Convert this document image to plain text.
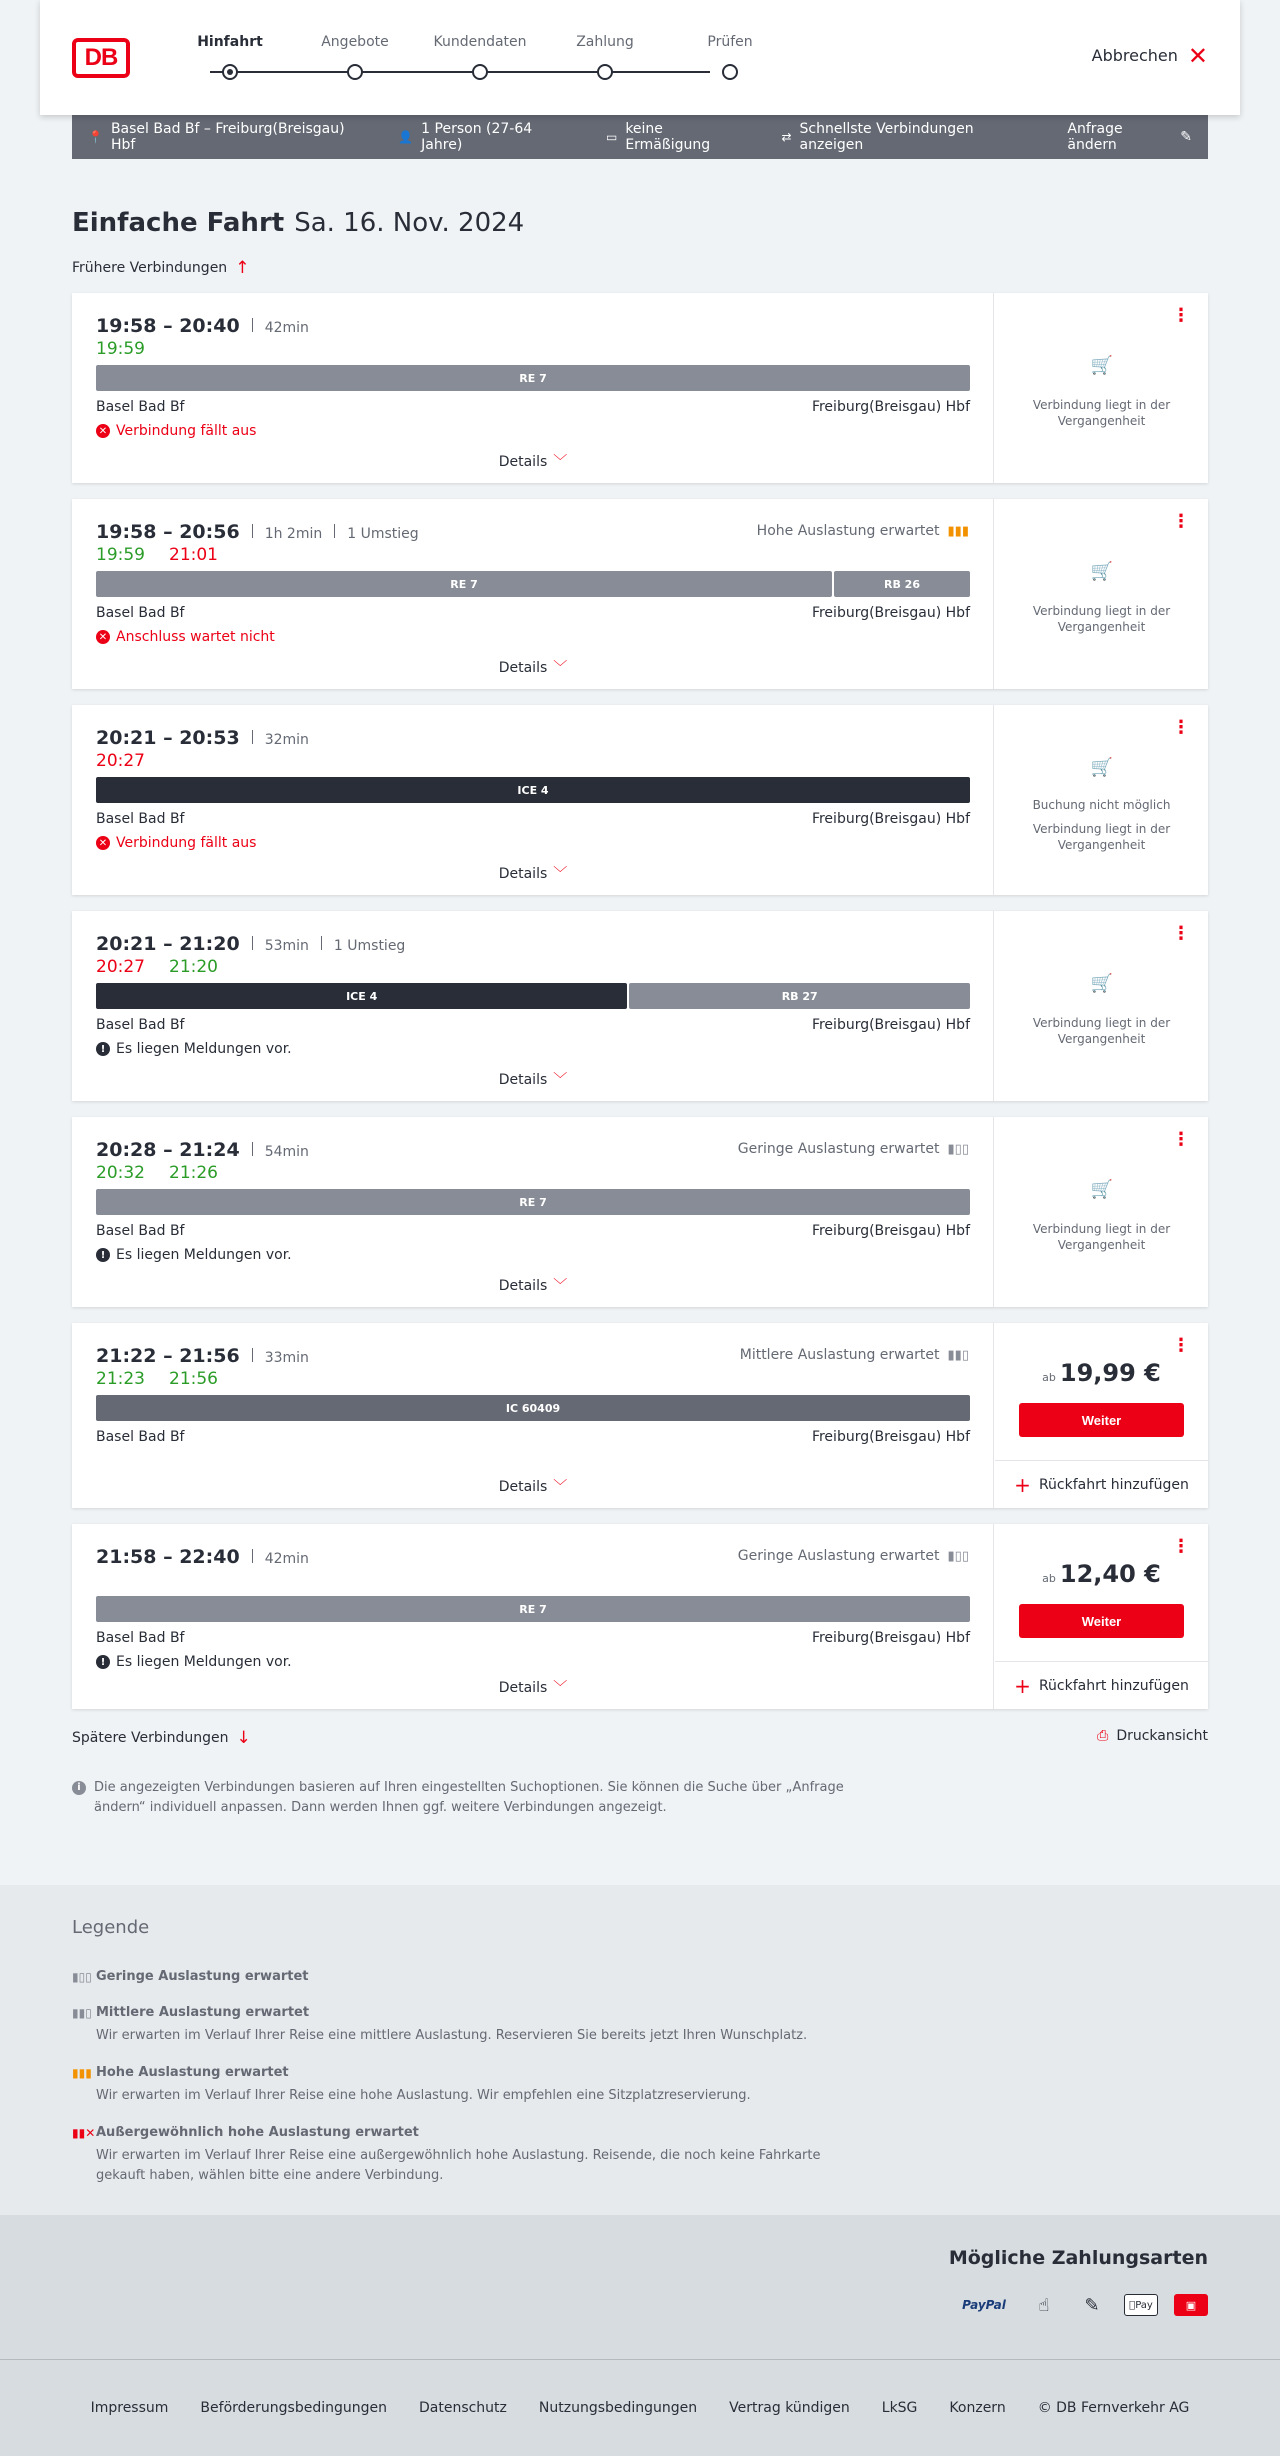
DB
Hinfahrt	Angebote	Kundendaten	Zahlung	Prüfen
Abbrechen ✕
📍 Basel Bad Bf – Freiburg(Breisgau) Hbf	👤 1 Person (27-64 Jahre)	▭ keine Ermäßigung	⇄ Schnellste Verbindungen anzeigen
Anfrage ändern	✎
Einfache Fahrt Sa. 16. Nov. 2024
Frühere Verbindungen ↑
19:58 – 20:40	42min
19:59
RE 7
Basel Bad Bf	Freiburg(Breisgau) Hbf
✕ Verbindung fällt aus
Details ﹀
⋮
🛒
Verbindung liegt in der Vergangenheit
19:58 – 20:56	1h 2min	1 Umstieg
19:59 21:01
Hohe Auslastung erwartet ▮▮▮
RE 7	RB 26
Basel Bad Bf	Freiburg(Breisgau) Hbf
✕ Anschluss wartet nicht
Details ﹀
⋮
🛒
Verbindung liegt in der Vergangenheit
20:21 – 20:53	32min
20:27
ICE 4
Basel Bad Bf	Freiburg(Breisgau) Hbf
✕ Verbindung fällt aus
Details ﹀
⋮
🛒
Buchung nicht möglich
Verbindung liegt in der Vergangenheit
20:21 – 21:20	53min	1 Umstieg
20:27 21:20
ICE 4	RB 27
Basel Bad Bf	Freiburg(Breisgau) Hbf
! Es liegen Meldungen vor.
Details ﹀
⋮
🛒
Verbindung liegt in der Vergangenheit
20:28 – 21:24	54min
20:32 21:26
Geringe Auslastung erwartet ▮▯▯
RE 7
Basel Bad Bf	Freiburg(Breisgau) Hbf
! Es liegen Meldungen vor.
Details ﹀
⋮
🛒
Verbindung liegt in der Vergangenheit
21:22 – 21:56	33min
21:23 21:56
Mittlere Auslastung erwartet ▮▮▯
IC 60409
Basel Bad Bf	Freiburg(Breisgau) Hbf
Details ﹀
⋮
ab 19,99 €
Weiter
+ Rückfahrt hinzufügen
21:58 – 22:40	42min	Geringe Auslastung erwartet ▮▯▯
RE 7
Basel Bad Bf	Freiburg(Breisgau) Hbf
! Es liegen Meldungen vor.
Details ﹀
⋮
ab 12,40 €
Weiter
+ Rückfahrt hinzufügen
Spätere Verbindungen ↓	⎙ Druckansicht
i	Die angezeigten Verbindungen basieren auf Ihren eingestellten Suchoptionen. Sie können die Suche über „Anfrage ändern“ individuell anpassen. Dann werden Ihnen ggf. weitere Verbindungen angezeigt.
Legende
▮▯▯ Geringe Auslastung erwartet
▮▮▯ Mittlere Auslastung erwartet
Wir erwarten im Verlauf Ihrer Reise eine mittlere Auslastung. Reservieren Sie bereits jetzt Ihren Wunschplatz.
▮▮▮ Hohe Auslastung erwartet
Wir erwarten im Verlauf Ihrer Reise eine hohe Auslastung. Wir empfehlen eine Sitzplatzreservierung.
▮▮✕ Außergewöhnlich hohe Auslastung erwartet
Wir erwarten im Verlauf Ihrer Reise eine außergewöhnlich hohe Auslastung. Reisende, die noch keine Fahrkarte gekauft haben, wählen bitte eine andere Verbindung.
Mögliche Zahlungsarten
PayPal	☝	✎	Pay	▣
Impressum Beförderungsbedingungen Datenschutz Nutzungsbedingungen Vertrag kündigen LkSG Konzern © DB Fernverkehr AG
